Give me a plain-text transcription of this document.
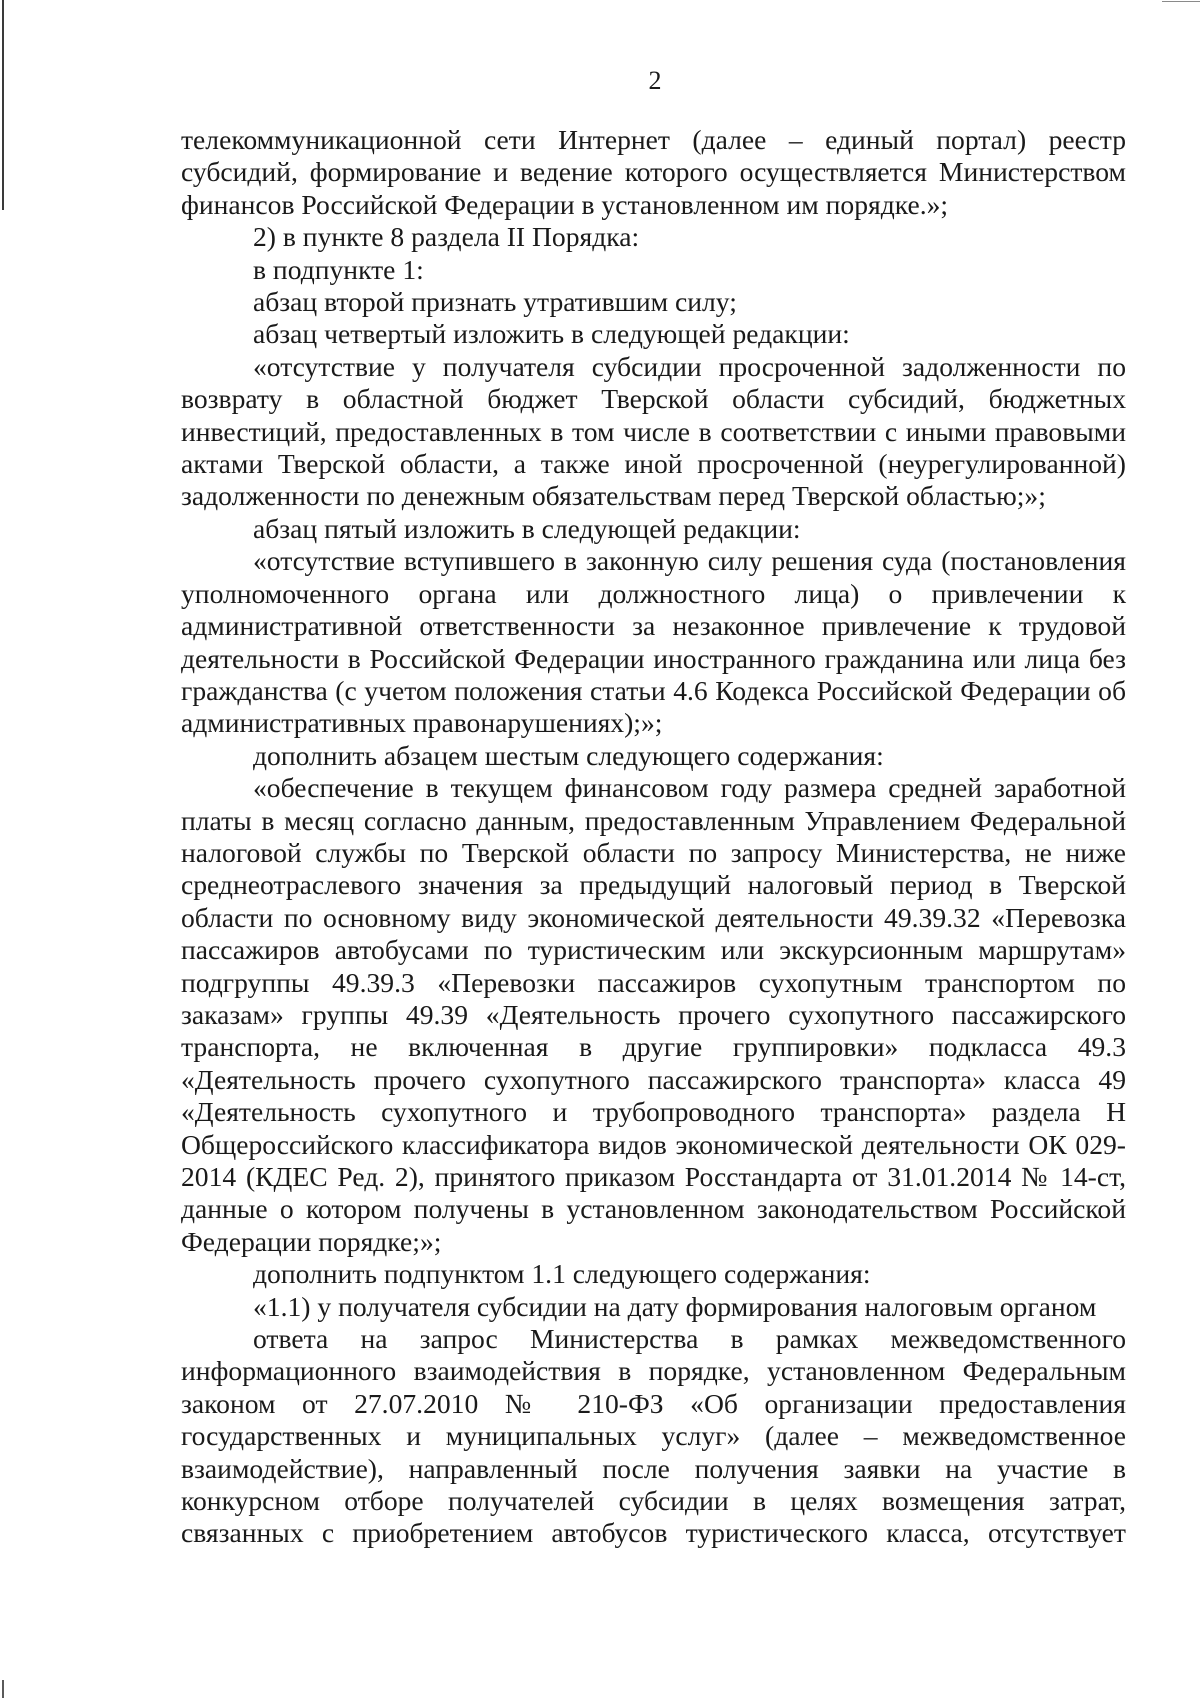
2

телекоммуникационной сети Интернет (далее – единый портал) реестр субсидий, формирование и ведение которого осуществляется Министерством финансов Российской Федерации в установленном им порядке.»;

2) в пункте 8 раздела II Порядка:

в подпункте 1:

абзац второй признать утратившим силу;

абзац четвертый изложить в следующей редакции:

«отсутствие у получателя субсидии просроченной задолженности по возврату в областной бюджет Тверской области субсидий, бюджетных инвестиций, предоставленных в том числе в соответствии с иными правовыми актами Тверской области, а также иной просроченной (неурегулированной) задолженности по денежным обязательствам перед Тверской областью;»;

абзац пятый изложить в следующей редакции:

«отсутствие вступившего в законную силу решения суда (постановления уполномоченного органа или должностного лица) о привлечении к административной ответственности за незаконное привлечение к трудовой деятельности в Российской Федерации иностранного гражданина или лица без гражданства (с учетом положения статьи 4.6 Кодекса Российской Федерации об административных правонарушениях);»;

дополнить абзацем шестым следующего содержания:

«обеспечение в текущем финансовом году размера средней заработной платы в месяц согласно данным, предоставленным Управлением Федеральной налоговой службы по Тверской области по запросу Министерства, не ниже среднеотраслевого значения за предыдущий налоговый период в Тверской области по основному виду экономической деятельности 49.39.32 «Перевозка пассажиров автобусами по туристическим или экскурсионным маршрутам» подгруппы 49.39.3 «Перевозки пассажиров сухопутным транспортом по заказам» группы 49.39 «Деятельность прочего сухопутного пассажирского транспорта, не включенная в другие группировки» подкласса 49.3 «Деятельность прочего сухопутного пассажирского транспорта» класса 49 «Деятельность сухопутного и трубопроводного транспорта» раздела H Общероссийского классификатора видов экономической деятельности ОК 029-2014 (КДЕС Ред. 2), принятого приказом Росстандарта от 31.01.2014 № 14-ст, данные о котором получены в установленном законодательством Российской Федерации порядке;»;

дополнить подпунктом 1.1 следующего содержания:

«1.1) у получателя субсидии на дату формирования налоговым органом

ответа на запрос Министерства в рамках межведомственного информационного взаимодействия в порядке, установленном Федеральным законом от 27.07.2010 № 210-ФЗ «Об организации предоставления государственных и муниципальных услуг» (далее – межведомственное взаимодействие), направленный после получения заявки на участие в конкурсном отборе получателей субсидии в целях возмещения затрат, связанных с приобретением автобусов туристического класса, отсутствует
